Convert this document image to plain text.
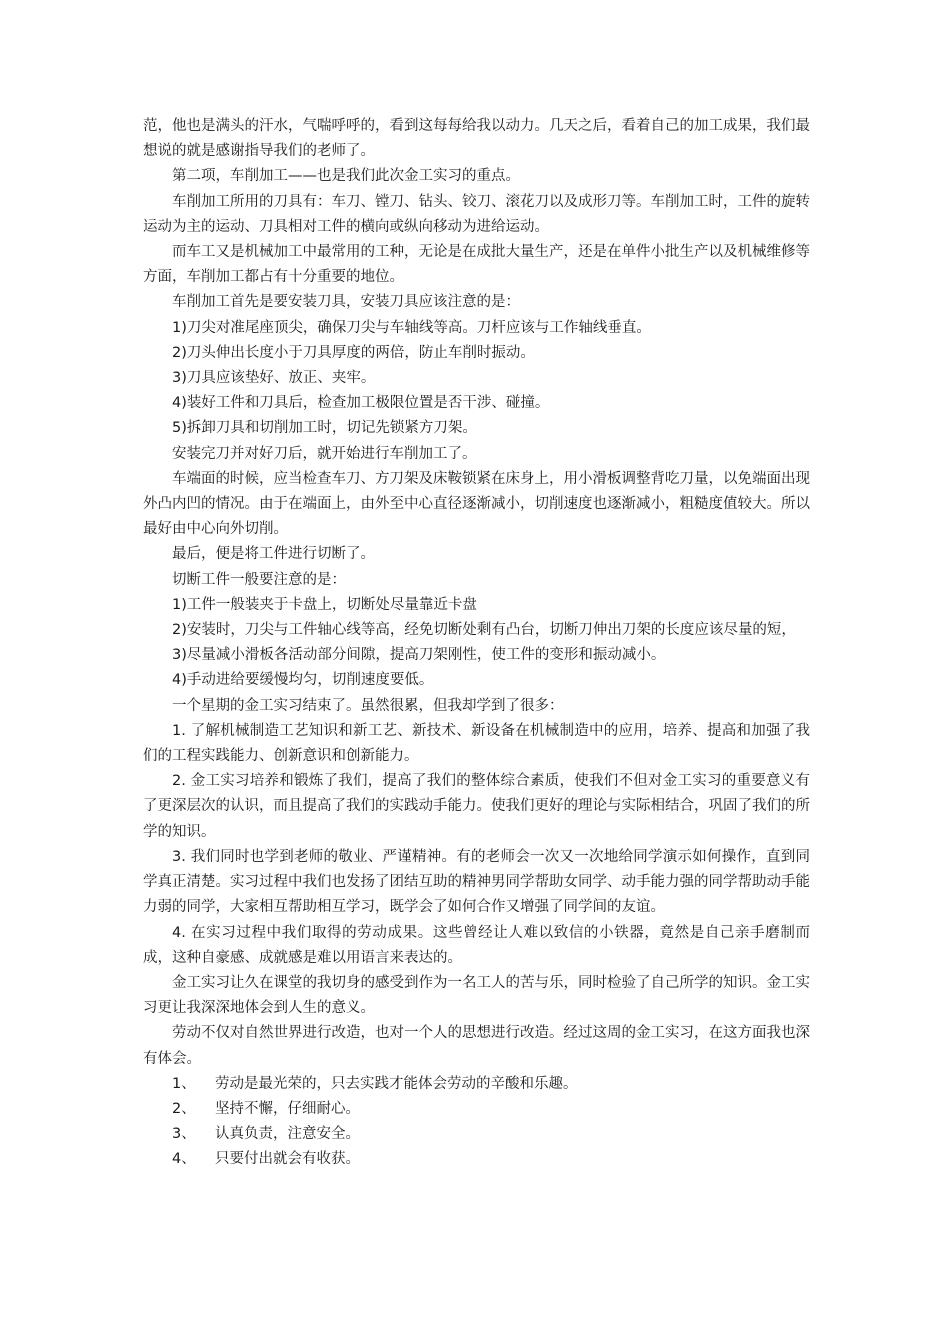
范，他也是满头的汗水，气喘呼呼的，看到这每每给我以动力。几天之后，看着自己的加工成果，我们最想说的就是感谢指导我们的老师了。

第二项，车削加工——也是我们此次金工实习的重点。

车削加工所用的刀具有：车刀、镗刀、钻头、铰刀、滚花刀以及成形刀等。车削加工时，工件的旋转运动为主的运动、刀具相对工件的横向或纵向移动为进给运动。

而车工又是机械加工中最常用的工种，无论是在成批大量生产，还是在单件小批生产以及机械维修等方面，车削加工都占有十分重要的地位。

车削加工首先是要安装刀具，安装刀具应该注意的是：

1)刀尖对准尾座顶尖，确保刀尖与车轴线等高。刀杆应该与工作轴线垂直。

2)刀头伸出长度小于刀具厚度的两倍，防止车削时振动。

3)刀具应该垫好、放正、夹牢。

4)装好工件和刀具后，检查加工极限位置是否干涉、碰撞。

5)拆卸刀具和切削加工时，切记先锁紧方刀架。

安装完刀并对好刀后，就开始进行车削加工了。

车端面的时候，应当检查车刀、方刀架及床鞍锁紧在床身上，用小滑板调整背吃刀量，以免端面出现外凸内凹的情况。由于在端面上，由外至中心直径逐渐减小，切削速度也逐渐减小，粗糙度值较大。所以最好由中心向外切削。

最后，便是将工件进行切断了。

切断工件一般要注意的是：

1)工件一般装夹于卡盘上，切断处尽量靠近卡盘

2)安装时，刀尖与工件轴心线等高，经免切断处剩有凸台，切断刀伸出刀架的长度应该尽量的短，

3)尽量减小滑板各活动部分间隙，提高刀架刚性，使工件的变形和振动减小。

4)手动进给要缓慢均匀，切削速度要低。

一个星期的金工实习结束了。虽然很累，但我却学到了很多：

1. 了解机械制造工艺知识和新工艺、新技术、新设备在机械制造中的应用，培养、提高和加强了我们的工程实践能力、创新意识和创新能力。

2. 金工实习培养和锻炼了我们，提高了我们的整体综合素质，使我们不但对金工实习的重要意义有了更深层次的认识，而且提高了我们的实践动手能力。使我们更好的理论与实际相结合，巩固了我们的所学的知识。

3. 我们同时也学到老师的敬业、严谨精神。有的老师会一次又一次地给同学演示如何操作，直到同学真正清楚。实习过程中我们也发扬了团结互助的精神男同学帮助女同学、动手能力强的同学帮助动手能力弱的同学，大家相互帮助相互学习，既学会了如何合作又增强了同学间的友谊。

4. 在实习过程中我们取得的劳动成果。这些曾经让人难以致信的小铁器，竟然是自己亲手磨制而成，这种自豪感、成就感是难以用语言来表达的。

金工实习让久在课堂的我切身的感受到作为一名工人的苦与乐，同时检验了自己所学的知识。金工实习更让我深深地体会到人生的意义。

劳动不仅对自然世界进行改造，也对一个人的思想进行改造。经过这周的金工实习，在这方面我也深有体会。

1、 劳动是最光荣的，只去实践才能体会劳动的辛酸和乐趣。
2、 坚持不懈，仔细耐心。
3、 认真负责，注意安全。
4、 只要付出就会有收获。
